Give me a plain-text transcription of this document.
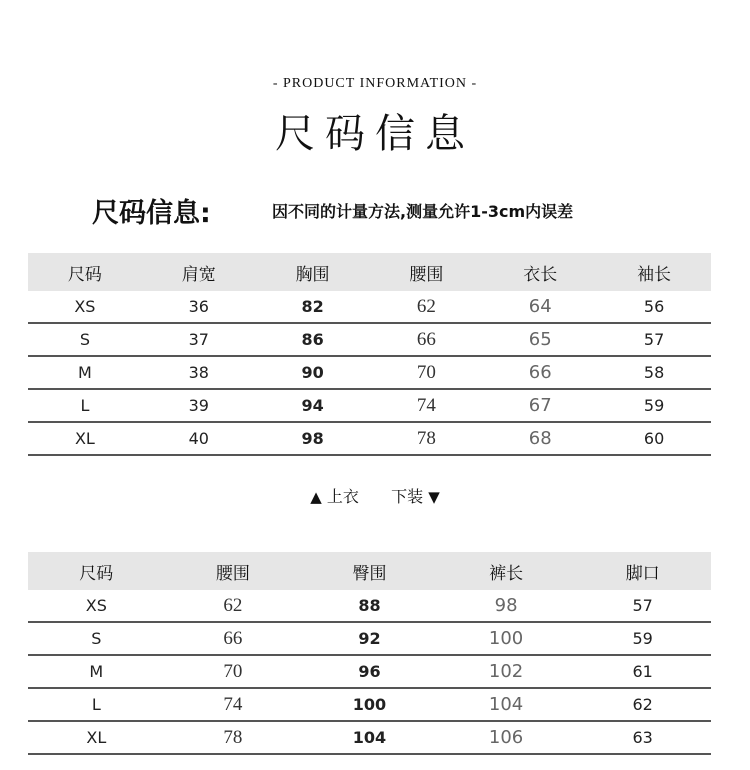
- PRODUCT INFORMATION -
尺码信息
尺码信息:	因不同的计量方法,测量允许1-3cm内误差
尺码	肩宽	胸围	腰围	衣长	袖长
XS	36	82	62	64	56
S	37	86	66	65	57
M	38	90	70	66	58
L	39	94	74	67	59
XL	40	98	78	68	60
▲ 上衣 下装 ▼
尺码	腰围	臀围	裤长	脚口
XS	62	88	98	57
S	66	92	100	59
M	70	96	102	61
L	74	100	104	62
XL	78	104	106	63
